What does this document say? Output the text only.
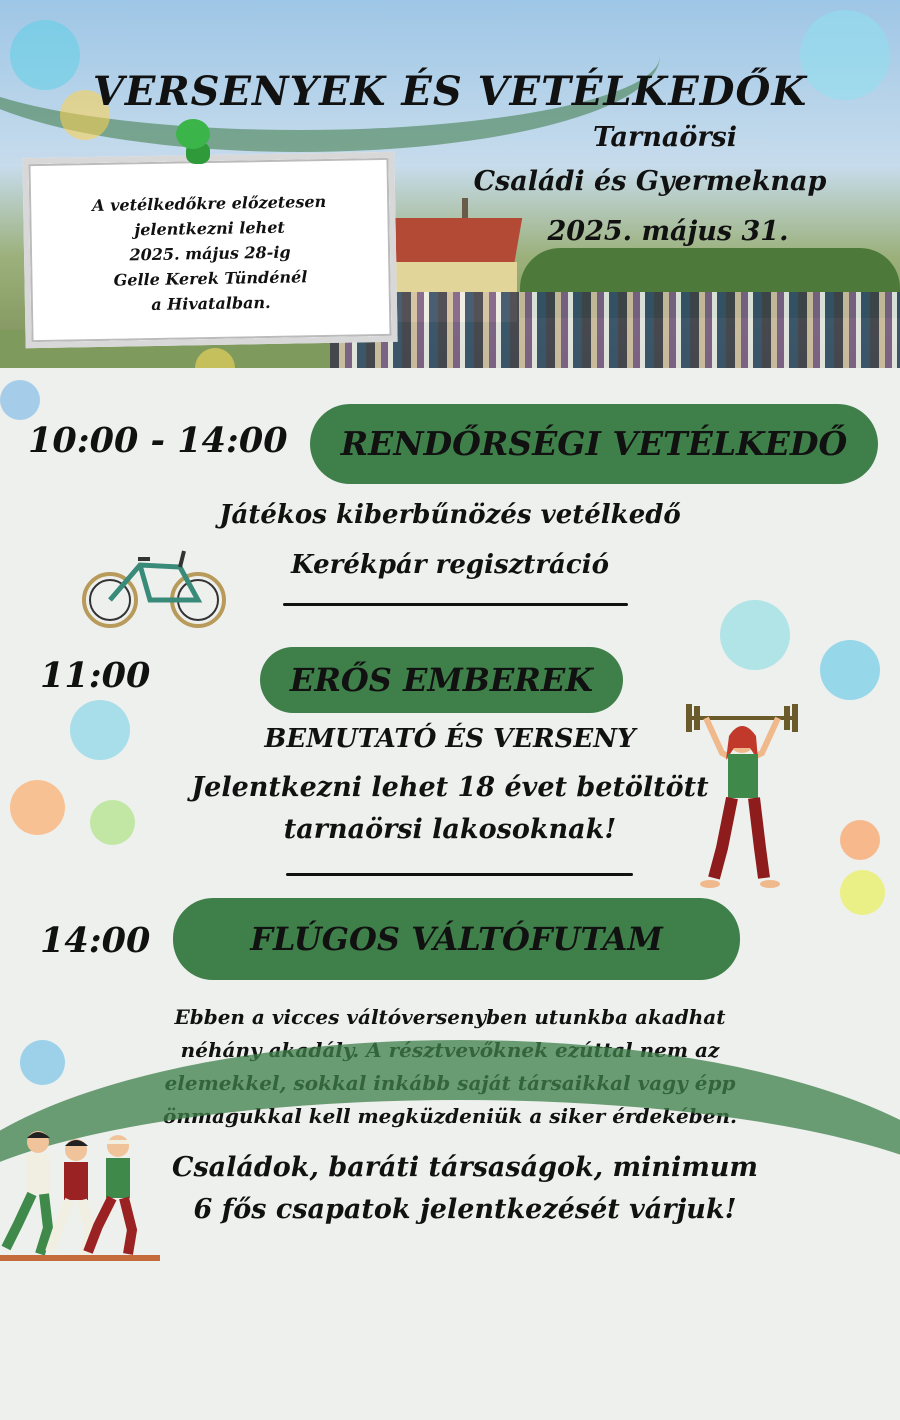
VERSENYEK ÉS VETÉLKEDŐK
Tarnaörsi
Családi és Gyermeknap
2025. május 31.
A vetélkedőkre előzetesen
jelentkezni lehet
2025. május 28-ig
Gelle Kerek Tündénél
a Hivatalban.
10:00 - 14:00	RENDŐRSÉGI VETÉLKEDŐ
Játékos kiberbűnözés vetélkedő
Kerékpár regisztráció
11:00	ERŐS EMBEREK
BEMUTATÓ ÉS VERSENY
Jelentkezni lehet 18 évet betöltött
tarnaörsi lakosoknak!
FLÚGOS VÁLTÓFUTAM
14:00
Ebben a vicces váltóversenyben utunkba akadhat
néhány akadály. A résztvevőknek ezúttal nem az
elemekkel, sokkal inkább saját társaikkal vagy épp
önmagukkal kell megküzdeniük a siker érdekében.
Családok, baráti társaságok, minimum
6 fős csapatok jelentkezését várjuk!
